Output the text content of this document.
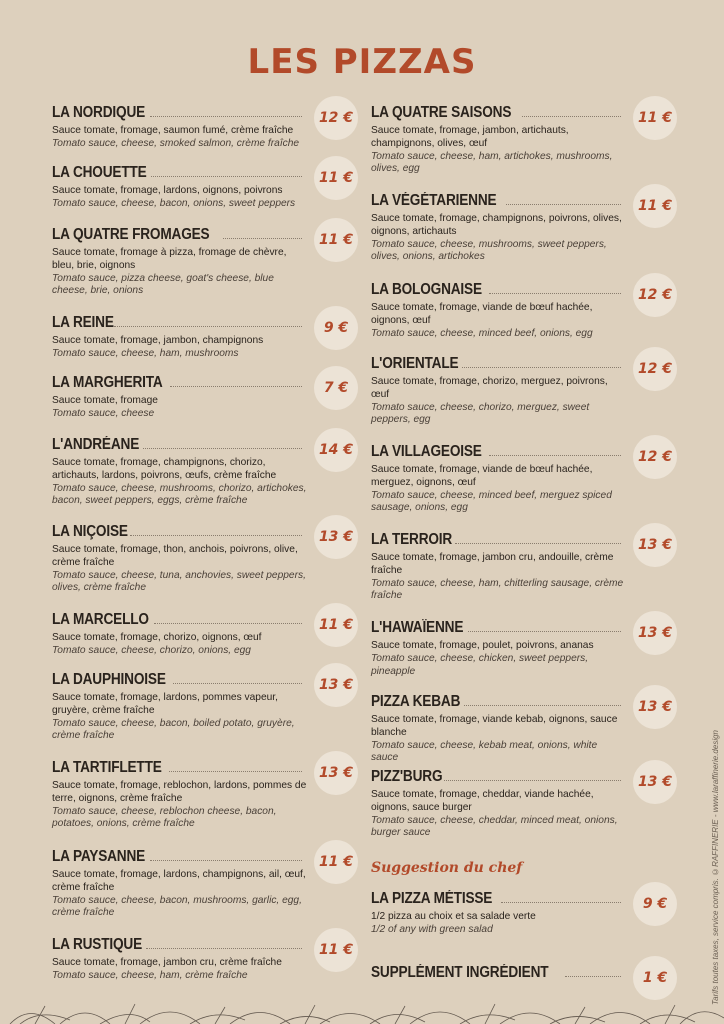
LES PIZZAS
LA NORDIQUE	12 €
Sauce tomate, fromage, saumon fumé, crème fraîche
Tomato sauce, cheese, smoked salmon, crème fraîche
LA CHOUETTE	11 €
Sauce tomate, fromage, lardons, oignons, poivrons
Tomato sauce, cheese, bacon, onions, sweet peppers
LA QUATRE FROMAGES	11 €
Sauce tomate, fromage à pizza, fromage de chèvre, bleu, brie, oignons
Tomato sauce, pizza cheese, goat's cheese, blue cheese, brie, onions
LA REINE	9 €
Sauce tomate, fromage, jambon, champignons
Tomato sauce, cheese, ham, mushrooms
LA MARGHERITA	7 €
Sauce tomate, fromage
Tomato sauce, cheese
L'ANDRÉANE	14 €
Sauce tomate, fromage, champignons, chorizo, artichauts, lardons, poivrons, œufs, crème fraîche
Tomato sauce, cheese, mushrooms, chorizo, artichokes, bacon, sweet peppers, eggs, crème fraîche
LA NIÇOISE	13 €
Sauce tomate, fromage, thon, anchois, poivrons, olive, crème fraîche
Tomato sauce, cheese, tuna, anchovies, sweet peppers, olives, crème fraîche
LA MARCELLO	11 €
Sauce tomate, fromage, chorizo, oignons, œuf
Tomato sauce, cheese, chorizo, onions, egg
LA DAUPHINOISE	13 €
Sauce tomate, fromage, lardons, pommes vapeur, gruyère, crème fraîche
Tomato sauce, cheese, bacon, boiled potato, gruyère, crème fraîche
LA TARTIFLETTE	13 €
Sauce tomate, fromage, reblochon, lardons, pommes de terre, oignons, crème fraîche
Tomato sauce, cheese, reblochon cheese, bacon, potatoes, onions, crème fraîche
LA PAYSANNE	11 €
Sauce tomate, fromage, lardons, champignons, ail, œuf, crème fraîche
Tomato sauce, cheese, bacon, mushrooms, garlic, egg, crème fraîche
LA RUSTIQUE	11 €
Sauce tomate, fromage, jambon cru, crème fraîche
Tomato sauce, cheese, ham, crème fraîche
LA QUATRE SAISONS	11 €
Sauce tomate, fromage, jambon, artichauts, champignons, olives, œuf
Tomato sauce, cheese, ham, artichokes, mushrooms, olives, egg
LA VÉGÉTARIENNE	11 €
Sauce tomate, fromage, champignons, poivrons, olives, oignons, artichauts
Tomato sauce, cheese, mushrooms, sweet peppers, olives, onions, artichokes
LA BOLOGNAISE	12 €
Sauce tomate, fromage, viande de bœuf hachée, oignons, œuf
Tomato sauce, cheese, minced beef, onions, egg
L'ORIENTALE	12 €
Sauce tomate, fromage, chorizo, merguez, poivrons, œuf
Tomato sauce, cheese, chorizo, merguez, sweet peppers, egg
LA VILLAGEOISE	12 €
Sauce tomate, fromage, viande de bœuf hachée, merguez, oignons, œuf
Tomato sauce, cheese, minced beef, merguez spiced sausage, onions, egg
LA TERROIR	13 €
Sauce tomate, fromage, jambon cru, andouille, crème fraîche
Tomato sauce, cheese, ham, chitterling sausage, crème fraîche
L'HAWAÏENNE	13 €
Sauce tomate, fromage, poulet, poivrons, ananas
Tomato sauce, cheese, chicken, sweet peppers, pineapple
PIZZA KEBAB	13 €
Sauce tomate, fromage, viande kebab, oignons, sauce blanche
Tomato sauce, cheese, kebab meat, onions, white sauce
PIZZ'BURG	13 €
Sauce tomate, fromage, cheddar, viande hachée, oignons, sauce burger
Tomato sauce, cheese, cheddar, minced meat, onions, burger sauce
Suggestion du chef
LA PIZZA MÉTISSE	9 €
1/2 pizza au choix et sa salade verte
1/2 of any with green salad
SUPPLÉMENT INGRÉDIENT	1 €	Tarifs toutes taxes, service compris. ©RAFFINERIE - www.laraffinerie.design
